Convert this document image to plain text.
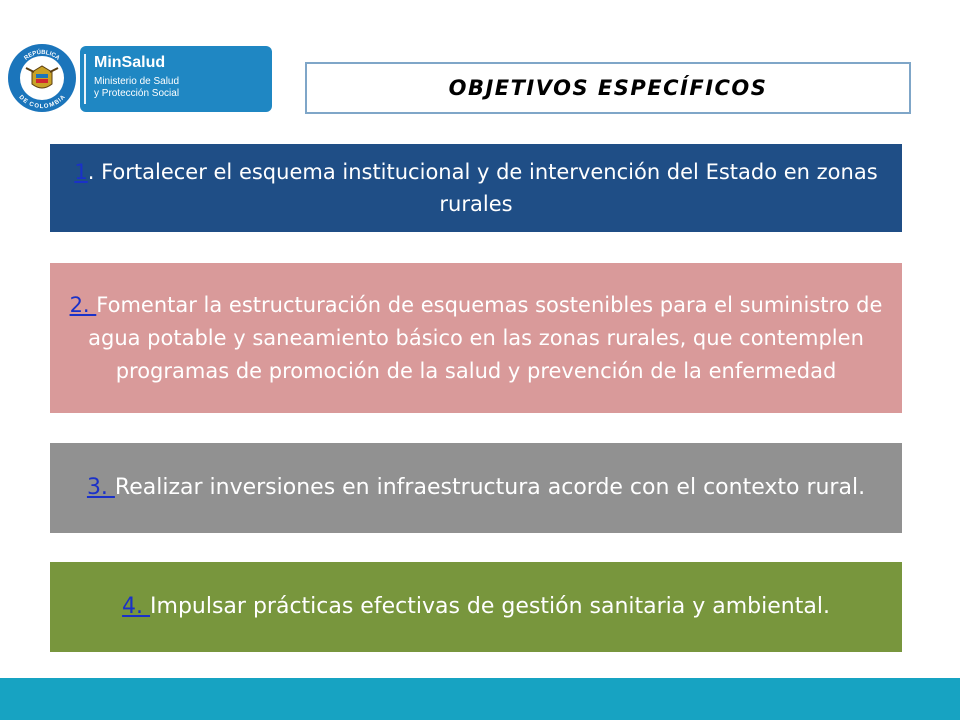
REPÚBLICA
DE COLOMBIA
MinSalud
Ministerio de Salud
y Protección Social	OBJETIVOS ESPECÍFICOS
1. Fortalecer el esquema institucional y de intervención del Estado en zonas rurales
2. Fomentar la estructuración de esquemas sostenibles para el suministro de agua potable y saneamiento básico en las zonas rurales, que contemplen programas de promoción de la salud y prevención de la enfermedad
3. Realizar inversiones en infraestructura acorde con el contexto rural.
4. Impulsar prácticas efectivas de gestión sanitaria y ambiental.
